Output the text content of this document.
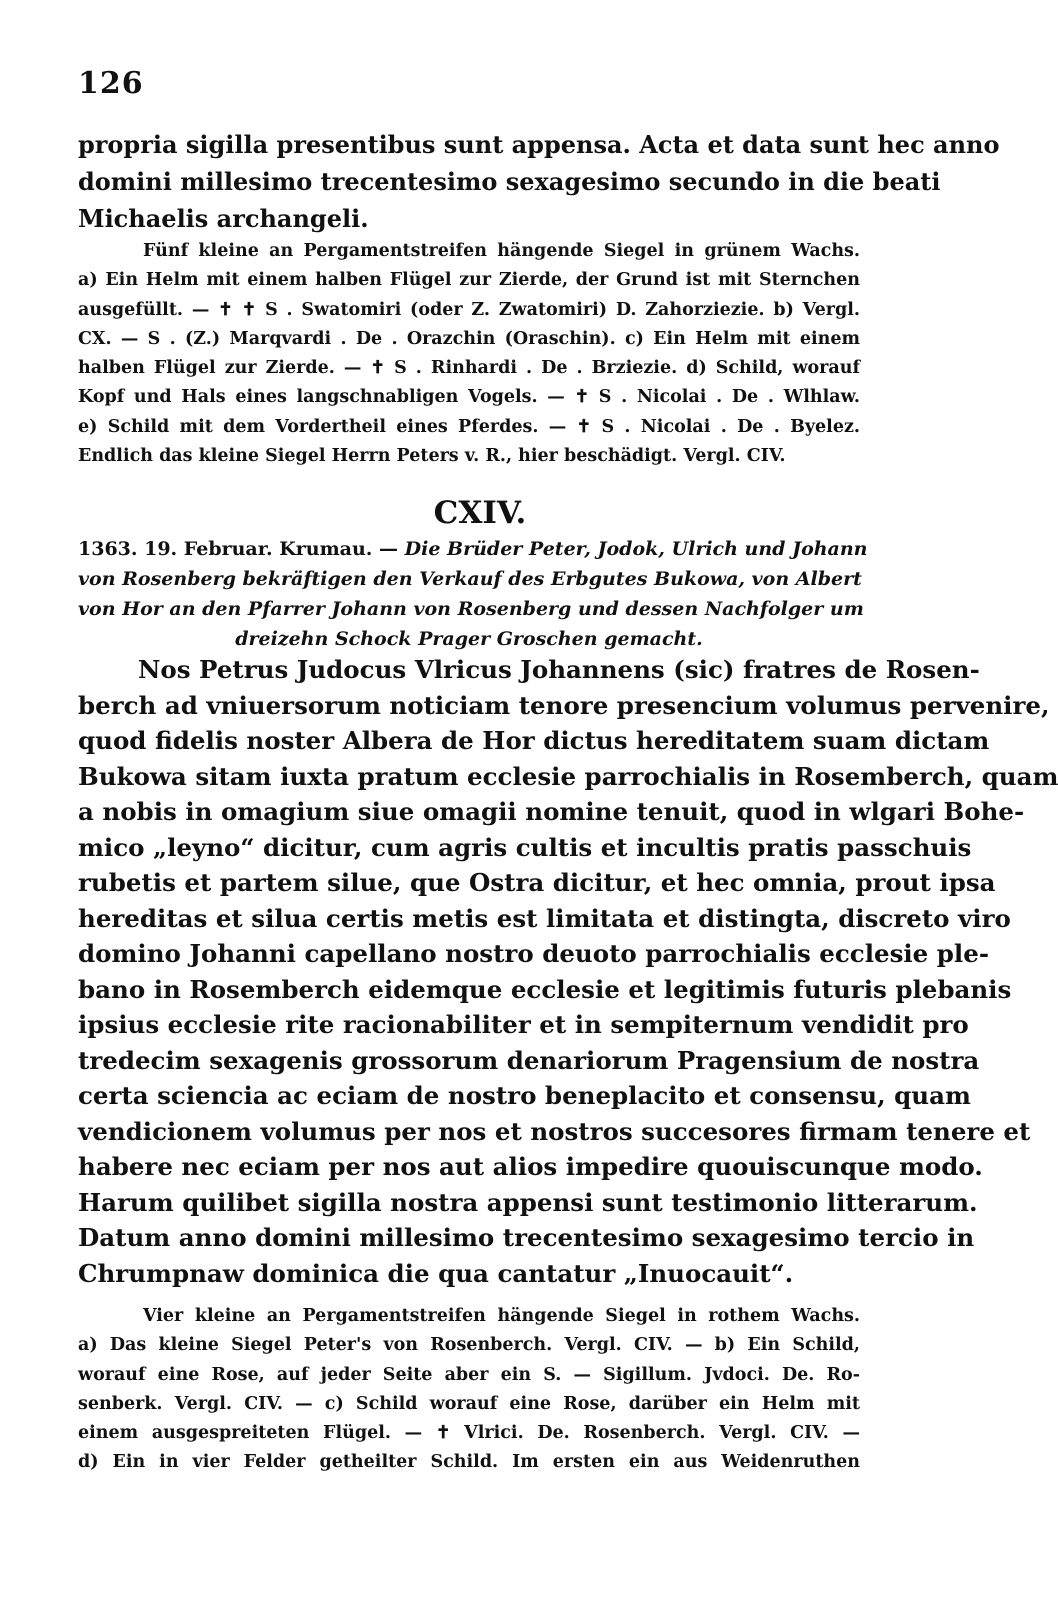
126
propria sigilla presentibus sunt appensa. Acta et data sunt hec anno
domini millesimo trecentesimo sexagesimo secundo in die beati
Michaelis archangeli.
Fünf kleine an Pergamentstreifen hängende Siegel in grünem Wachs.
a) Ein Helm mit einem halben Flügel zur Zierde, der Grund ist mit Sternchen
ausgefüllt. — ✝ ✝ S . Swatomiri (oder Z. Zwatomiri) D. Zahorziezie. b) Vergl.
CX. — S . (Z.) Marqvardi . De . Orazchin (Oraschin). c) Ein Helm mit einem
halben Flügel zur Zierde. — ✝ S . Rinhardi . De . Brziezie. d) Schild, worauf
Kopf und Hals eines langschnabligen Vogels. — ✝ S . Nicolai . De . Wlhlaw.
e) Schild mit dem Vordertheil eines Pferdes. — ✝ S . Nicolai . De . Byelez.
Endlich das kleine Siegel Herrn Peters v. R., hier beschädigt. Vergl. CIV.
CXIV.
1363. 19. Februar. Krumau. — Die Brüder Peter, Jodok, Ulrich und Johann
von Rosenberg bekräftigen den Verkauf des Erbgutes Bukowa, von Albert
von Hor an den Pfarrer Johann von Rosenberg und dessen Nachfolger um
dreizehn Schock Prager Groschen gemacht.
Nos Petrus Judocus Vlricus Johannens (sic) fratres de Rosen-
berch ad vniuersorum noticiam tenore presencium volumus pervenire,
quod fidelis noster Albera de Hor dictus hereditatem suam dictam
Bukowa sitam iuxta pratum ecclesie parrochialis in Rosemberch, quam
a nobis in omagium siue omagii nomine tenuit, quod in wlgari Bohe-
mico „leyno“ dicitur, cum agris cultis et incultis pratis passchuis
rubetis et partem silue, que Ostra dicitur, et hec omnia, prout ipsa
hereditas et silua certis metis est limitata et distingta, discreto viro
domino Johanni capellano nostro deuoto parrochialis ecclesie ple-
bano in Rosemberch eidemque ecclesie et legitimis futuris plebanis
ipsius ecclesie rite racionabiliter et in sempiternum vendidit pro
tredecim sexagenis grossorum denariorum Pragensium de nostra
certa sciencia ac eciam de nostro beneplacito et consensu, quam
vendicionem volumus per nos et nostros succesores firmam tenere et
habere nec eciam per nos aut alios impedire quouiscunque modo.
Harum quilibet sigilla nostra appensi sunt testimonio litterarum.
Datum anno domini millesimo trecentesimo sexagesimo tercio in
Chrumpnaw dominica die qua cantatur „Inuocauit“.
Vier kleine an Pergamentstreifen hängende Siegel in rothem Wachs.
a) Das kleine Siegel Peter's von Rosenberch. Vergl. CIV. — b) Ein Schild,
worauf eine Rose, auf jeder Seite aber ein S. — Sigillum. Jvdoci. De. Ro-
senberk. Vergl. CIV. — c) Schild worauf eine Rose, darüber ein Helm mit
einem ausgespreiteten Flügel. — ✝ Vlrici. De. Rosenberch. Vergl. CIV. —
d) Ein in vier Felder getheilter Schild. Im ersten ein aus Weidenruthen
